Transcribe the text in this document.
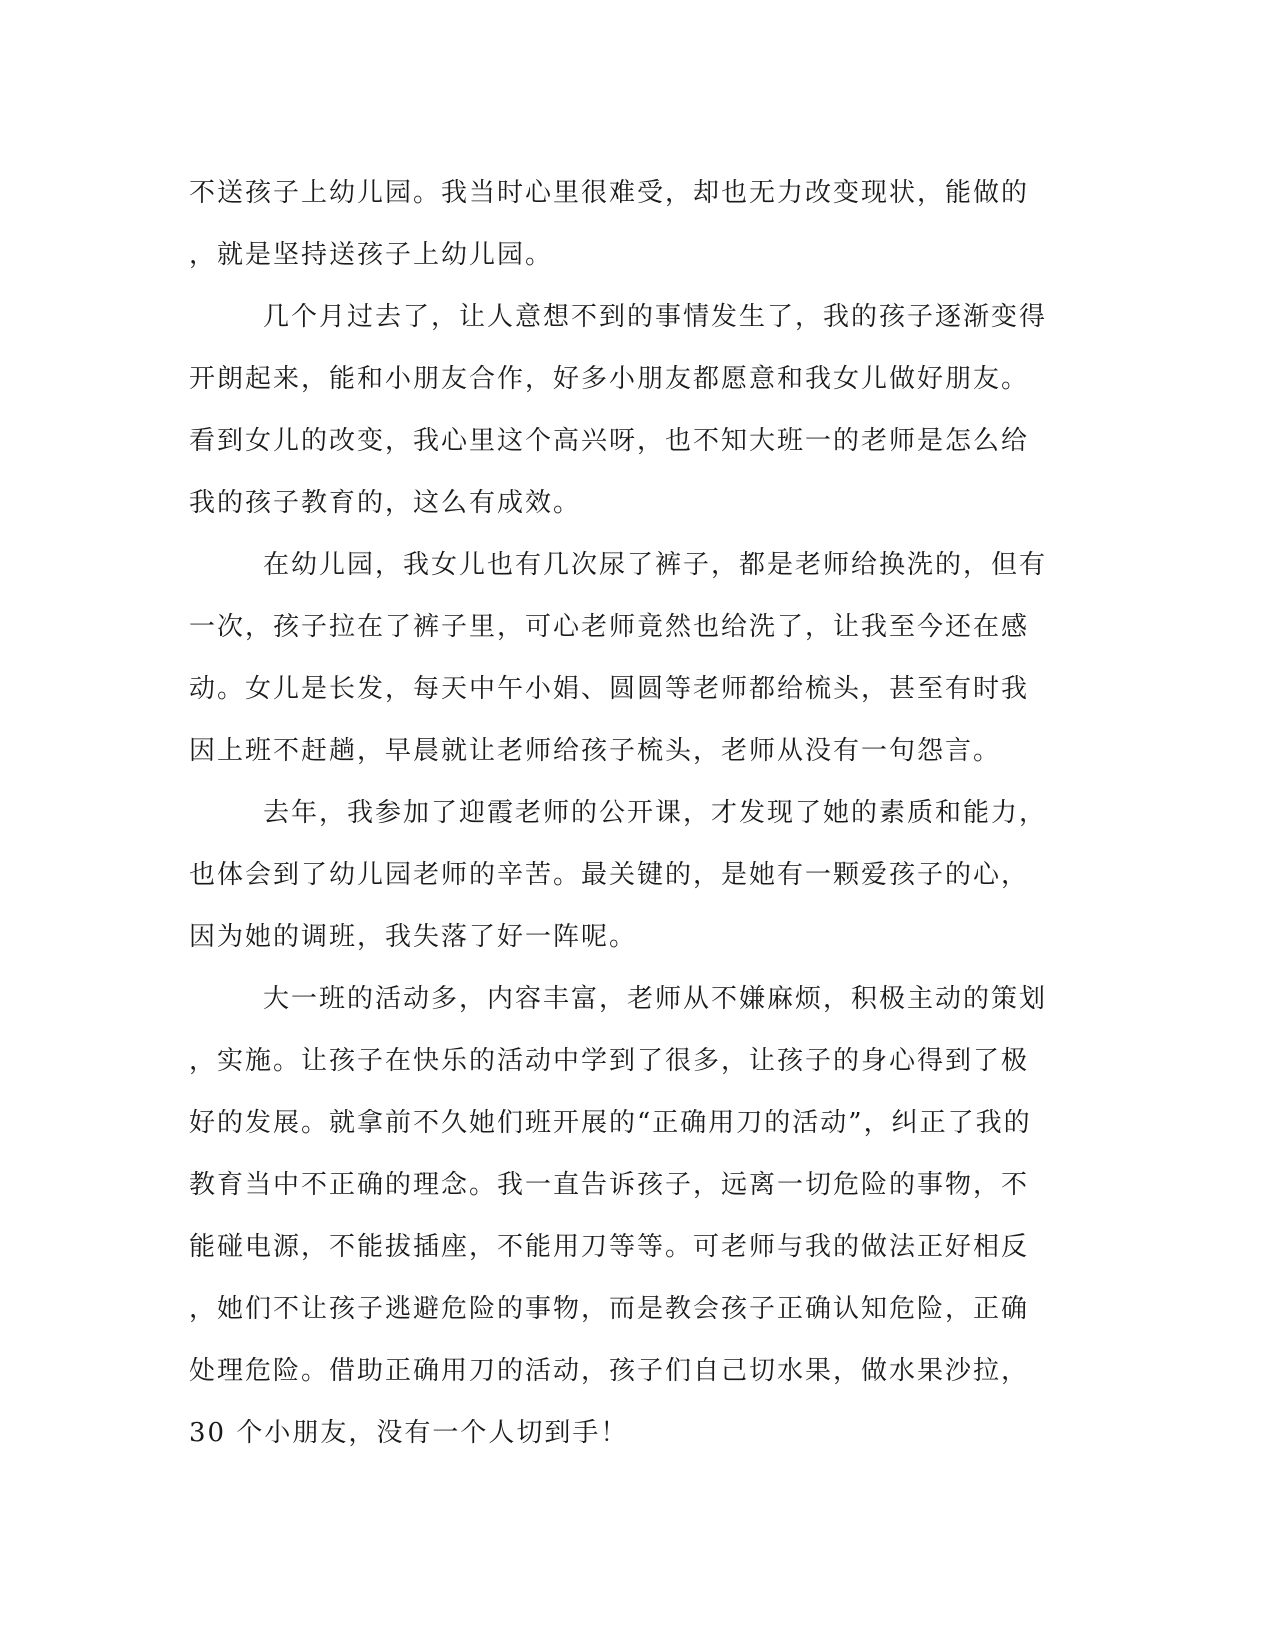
不送孩子上幼儿园。我当时心里很难受，却也无力改变现状，能做的
，就是坚持送孩子上幼儿园。
几个月过去了，让人意想不到的事情发生了，我的孩子逐渐变得
开朗起来，能和小朋友合作，好多小朋友都愿意和我女儿做好朋友。
看到女儿的改变，我心里这个高兴呀，也不知大班一的老师是怎么给
我的孩子教育的，这么有成效。
在幼儿园，我女儿也有几次尿了裤子，都是老师给换洗的，但有
一次，孩子拉在了裤子里，可心老师竟然也给洗了，让我至今还在感
动。女儿是长发，每天中午小娟、圆圆等老师都给梳头，甚至有时我
因上班不赶趟，早晨就让老师给孩子梳头，老师从没有一句怨言。
去年，我参加了迎霞老师的公开课，才发现了她的素质和能力，
也体会到了幼儿园老师的辛苦。最关键的，是她有一颗爱孩子的心，
因为她的调班，我失落了好一阵呢。
大一班的活动多，内容丰富，老师从不嫌麻烦，积极主动的策划
，实施。让孩子在快乐的活动中学到了很多，让孩子的身心得到了极
好的发展。就拿前不久她们班开展的“正确用刀的活动”，纠正了我的
教育当中不正确的理念。我一直告诉孩子，远离一切危险的事物，不
能碰电源，不能拔插座，不能用刀等等。可老师与我的做法正好相反
，她们不让孩子逃避危险的事物，而是教会孩子正确认知危险，正确
处理危险。借助正确用刀的活动，孩子们自己切水果，做水果沙拉，
30 个小朋友，没有一个人切到手！
